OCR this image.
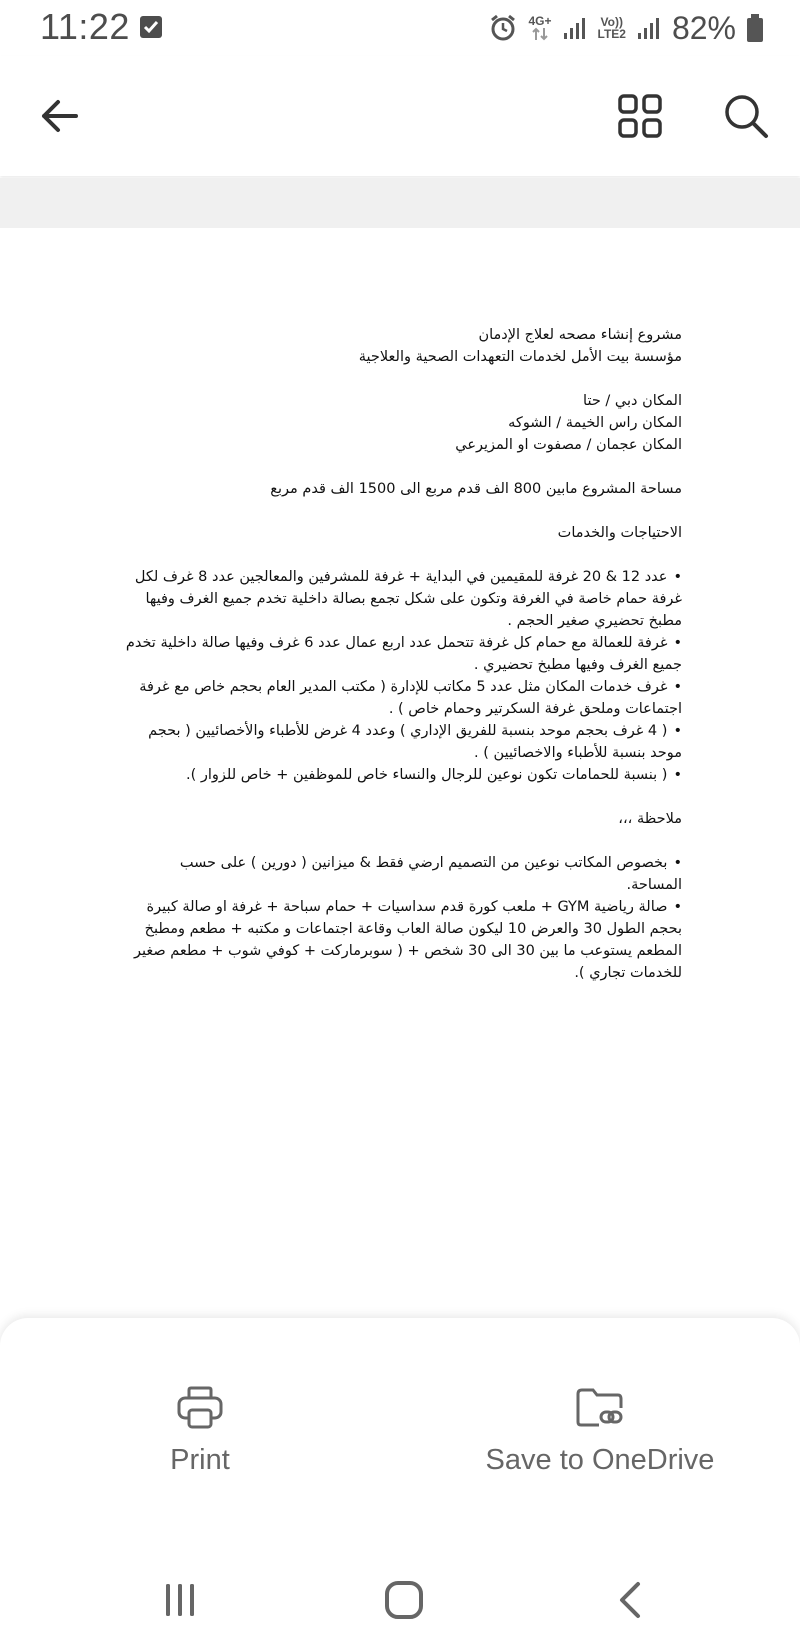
11:22	4G+	Vo))
LTE2 82%

مشروع إنشاء مصحه لعلاج الإدمان

مؤسسة بيت الأمل لخدمات التعهدات الصحية والعلاجية

المكان دبي / حتا

المكان راس الخيمة / الشوكه

المكان عجمان / مصفوت او المزيرعي

مساحة المشروع مابين 800 الف قدم مربع الى 1500 الف قدم مربع

الاحتياجات والخدمات

•عدد 12 & 20 غرفة للمقيمين في البداية + غرفة للمشرفين والمعالجين عدد 8 غرف لكل غرفة حمام خاصة في الغرفة وتكون على شكل تجمع بصالة داخلية تخدم جميع الغرف وفيها مطبخ تحضيري صغير الحجم .
•غرفة للعمالة مع حمام كل غرفة تتحمل عدد اربع عمال عدد 6 غرف وفيها صالة داخلية تخدم جميع الغرف وفيها مطبخ تحضيري .
•غرف خدمات المكان مثل عدد 5 مكاتب للإدارة ( مكتب المدير العام بحجم خاص مع غرفة اجتماعات وملحق غرفة السكرتير وحمام خاص ) .
•( 4 غرف بحجم موحد بنسبة للفريق الإداري ) وعدد 4 غرض للأطباء والأخصائيين ( بحجم موحد بنسبة للأطباء والاخصائيين ) .
•( بنسبة للحمامات تكون نوعين للرجال والنساء خاص للموظفين + خاص للزوار ).

ملاحظة ،،،

•بخصوص المكاتب نوعين من التصميم ارضي فقط & ميزانين ( دورين ) على حسب المساحة.
•صالة رياضية GYM + ملعب كورة قدم سداسيات + حمام سباحة + غرفة او صالة كبيرة بحجم الطول 30 والعرض 10 ليكون صالة العاب وقاعة اجتماعات و مكتبه + مطعم ومطبخ المطعم يستوعب ما بين 30 الى 30 شخص + ( سوبرماركت + كوفي شوب + مطعم صغير للخدمات تجاري ).
Print	Save to OneDrive
